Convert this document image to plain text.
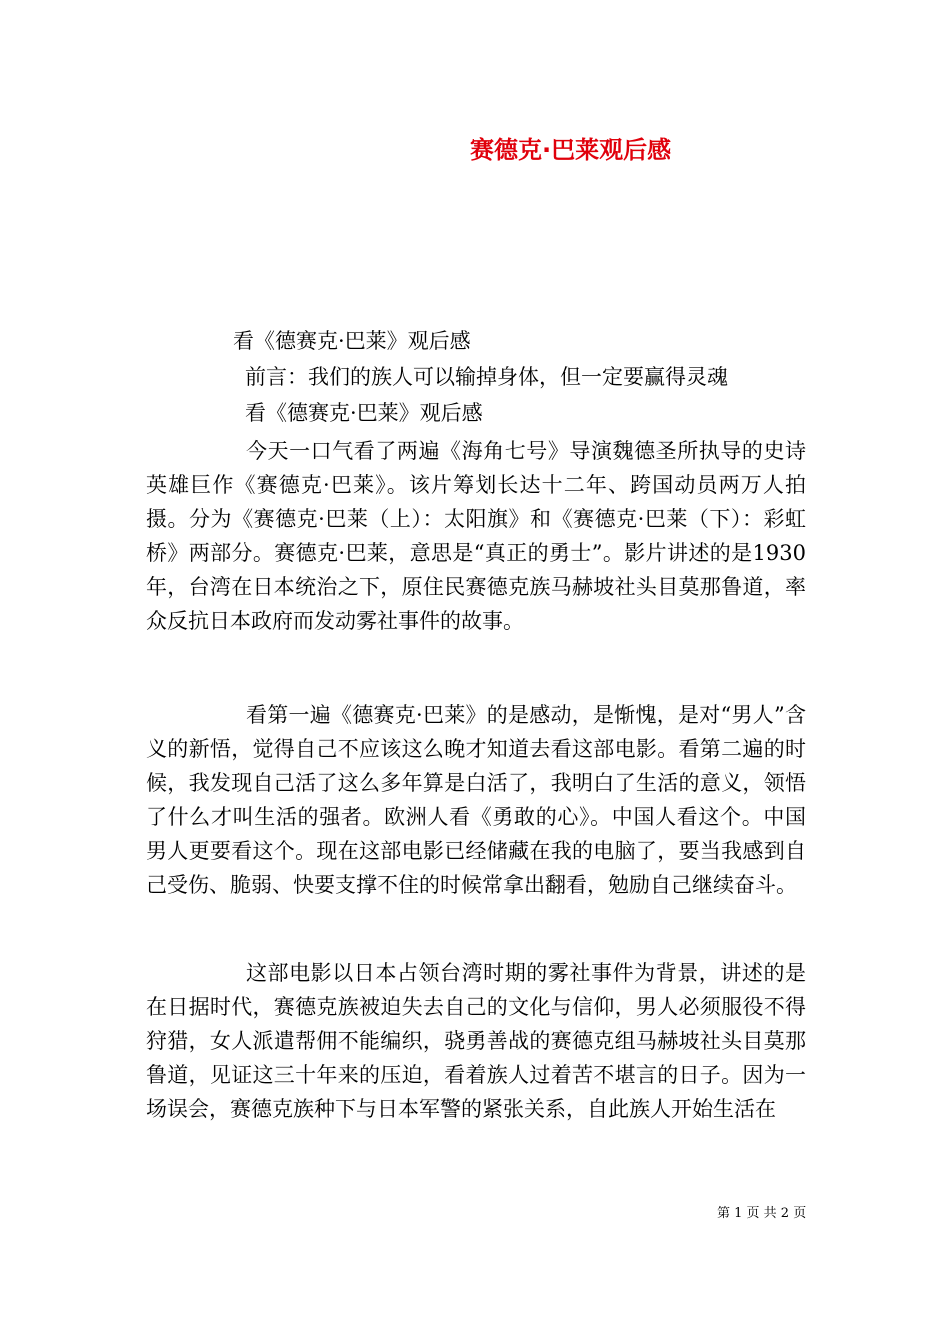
赛德克·巴莱观后感

看《德赛克·巴莱》观后感

前言：我们的族人可以输掉身体，但一定要赢得灵魂

看《德赛克·巴莱》观后感

今天一口气看了两遍《海角七号》导演魏德圣所执导的史诗英雄巨作《赛德克·巴莱》。该片筹划长达十二年、跨国动员两万人拍摄。分为《赛德克·巴莱（上）：太阳旗》和《赛德克·巴莱（下）：彩虹桥》两部分。赛德克·巴莱，意思是“真正的勇士”。影片讲述的是1930年，台湾在日本统治之下，原住民赛德克族马赫坡社头目莫那鲁道，率众反抗日本政府而发动雾社事件的故事。

看第一遍《德赛克·巴莱》的是感动，是惭愧，是对“男人”含义的新悟，觉得自己不应该这么晚才知道去看这部电影。看第二遍的时候，我发现自己活了这么多年算是白活了，我明白了生活的意义，领悟了什么才叫生活的强者。欧洲人看《勇敢的心》。中国人看这个。中国男人更要看这个。现在这部电影已经储藏在我的电脑了，要当我感到自己受伤、脆弱、快要支撑不住的时候常拿出翻看，勉励自己继续奋斗。

这部电影以日本占领台湾时期的雾社事件为背景，讲述的是在日据时代，赛德克族被迫失去自己的文化与信仰，男人必须服役不得狩猎，女人派遣帮佣不能编织，骁勇善战的赛德克组马赫坡社头目莫那鲁道，见证这三十年来的压迫，看着族人过着苦不堪言的日子。因为一场误会，赛德克族种下与日本军警的紧张关系，自此族人开始生活在

第 1 页 共 2 页
